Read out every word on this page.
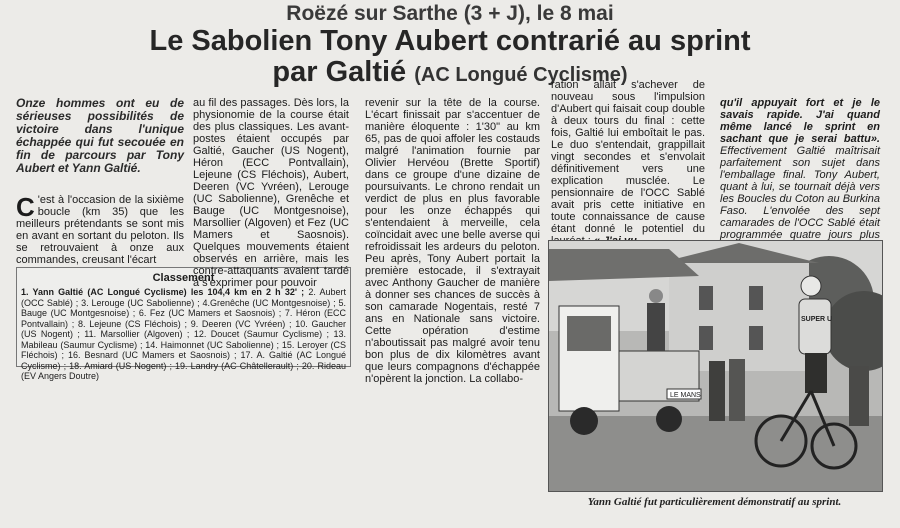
Roëzé sur Sarthe (3 + J), le 8 mai
Le Sabolien Tony Aubert contrarié au sprint
par Galtié (AC Longué Cyclisme)
Onze hommes ont eu de sérieuses possibilités de victoire dans l'unique échappée qui fut secouée en fin de parcours par Tony Aubert et Yann Galtié.
C 'est à l'occasion de la sixième boucle (km 35) que les meilleurs prétendants se sont mis en avant en sortant du peloton. Ils se retrouvaient à onze aux commandes, creusant l'écart
Classement
1. Yann Galtié (AC Longué Cyclisme) les 104,4 km en 2 h 32' ; 2. Aubert (OCC Sablé) ; 3. Lerouge (UC Sabolienne) ; 4.Grenêche (UC Montgesnoise) ; 5. Bauge (UC Montgesnoise) ; 6. Fez (UC Mamers et Saosnois) ; 7. Héron (ECC Pontvallain) ; 8. Lejeune (CS Fléchois) ; 9. Deeren (VC Yvréen) ; 10. Gaucher (US Nogent) ; 11. Marsollier (Algoven) ; 12. Doucet (Saumur Cyclisme) ; 13. Mabileau (Saumur Cyclisme) ; 14. Haimonnet (UC Sabolienne) ; 15. Leroyer (CS Fléchois) ; 16. Besnard (UC Mamers et Saosnois) ; 17. A. Galtié (AC Longué Cyclisme) ; 18. Amiard (US Nogent) ; 19. Landry (AC Châtellerault) ; 20. Rideau (EV Angers Doutre)
au fil des passages. Dès lors, la physionomie de la course était des plus classiques. Les avant-postes étaient occupés par Galtié, Gaucher (US Nogent), Héron (ECC Pontvallain), Lejeune (CS Fléchois), Aubert, Deeren (VC Yvréen), Lerouge (UC Sabolienne), Grenêche et Bauge (UC Montgesnoise), Marsollier (Algoven) et Fez (UC Mamers et Saosnois). Quelques mouvements étaient observés en arrière, mais les contre-attaquants avaient tardé à s'exprimer pour pouvoir
revenir sur la tête de la course. L'écart finissait par s'accentuer de manière éloquente : 1'30" au km 65, pas de quoi affoler les costauds malgré l'animation fournie par Olivier Hervéou (Brette Sportif) dans ce groupe d'une dizaine de poursuivants. Le chrono rendait un verdict de plus en plus favorable pour les onze échappés qui s'entendaient à merveille, cela coïncidait avec une belle averse qui refroidissait les ardeurs du peloton. Peu après, Tony Aubert portait la première estocade, il s'extrayait avec Anthony Gaucher de manière à donner ses chances de succès à son camarade Nogentais, resté 7 ans en Nationale sans victoire. Cette opération d'estime n'aboutissait pas malgré avoir tenu bon plus de dix kilomètres avant que leurs compagnons d'échappée n'opèrent la jonction. La collabo-
ration allait s'achever de nouveau sous l'impulsion d'Aubert qui faisait coup double à deux tours du final : cette fois, Galtié lui emboîtait le pas. Le duo s'entendait, grappillait vingt secondes et s'envolait définitivement vers une explication musclée. Le pensionnaire de l'OCC Sablé avait pris cette initiative en toute connaissance de cause étant donné le potentiel du
qu'il appuyait fort et je le savais rapide. J'ai quand même lancé le sprint en sachant que je serai battu». Effectivement Galtié maîtrisait parfaitement son sujet dans l'emballage final. Tony Aubert, quant à lui, se tournait déjà vers les Boucles du Coton au Burkina Faso. L'envolée des sept camarades de l'OCC Sablé était programmée quatre jours plus
LE MANS
SUPER U
Yann Galtié fut particulièrement démonstratif au sprint.
